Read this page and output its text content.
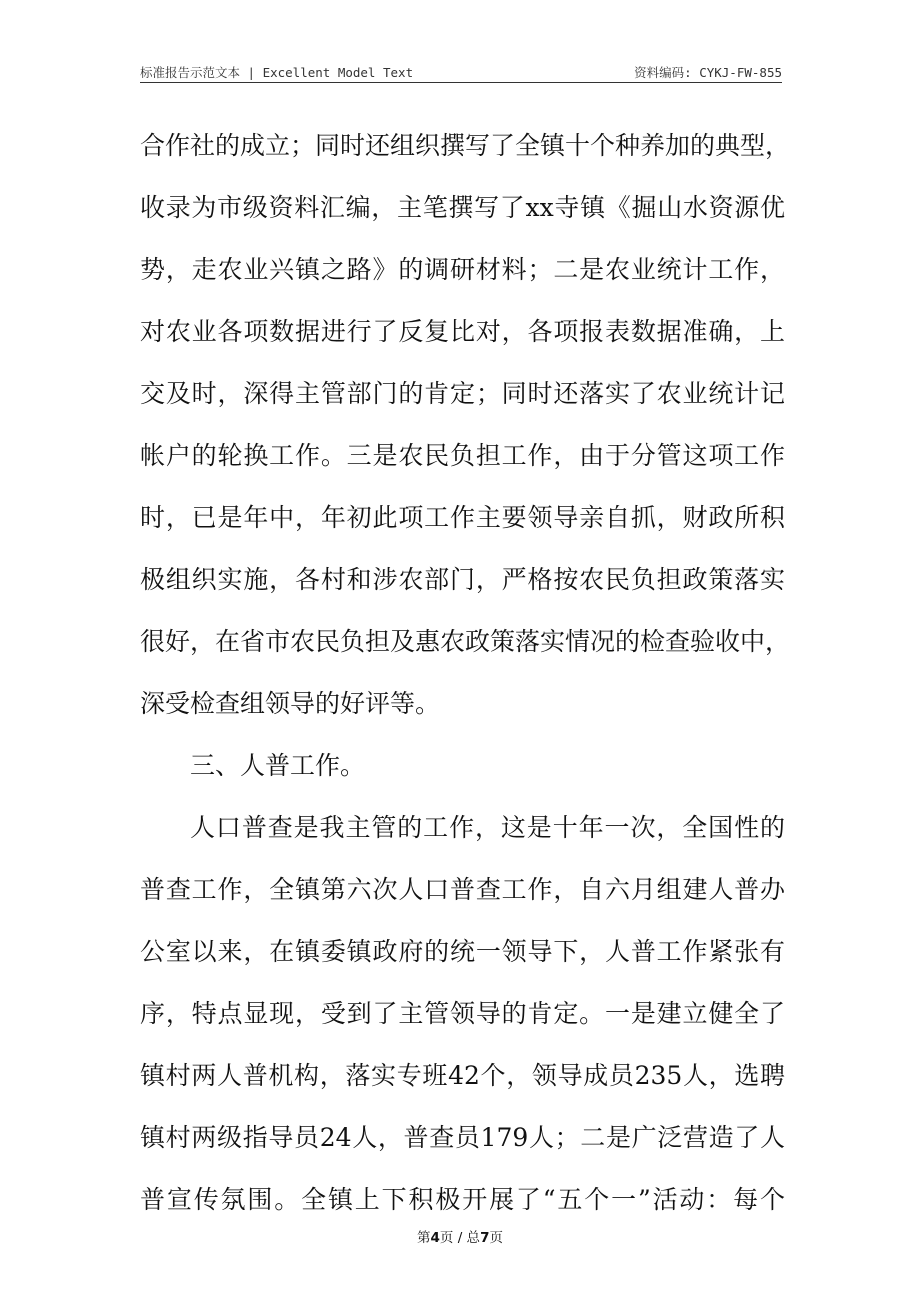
标准报告示范文本 | Excellent Model Text	资料编码: CYKJ-FW-855
合作社的成立；同时还组织撰写了全镇十个种养加的典型，
收录为市级资料汇编，主笔撰写了xx寺镇《掘山水资源优
势，走农业兴镇之路》的调研材料；二是农业统计工作，
对农业各项数据进行了反复比对，各项报表数据准确，上
交及时，深得主管部门的肯定；同时还落实了农业统计记
帐户的轮换工作。三是农民负担工作，由于分管这项工作
时，已是年中，年初此项工作主要领导亲自抓，财政所积
极组织实施，各村和涉农部门，严格按农民负担政策落实
很好，在省市农民负担及惠农政策落实情况的检查验收中，
深受检查组领导的好评等。
三、人普工作。
人口普查是我主管的工作，这是十年一次，全国性的
普查工作，全镇第六次人口普查工作，自六月组建人普办
公室以来，在镇委镇政府的统一领导下，人普工作紧张有
序，特点显现，受到了主管领导的肯定。一是建立健全了
镇村两人普机构，落实专班42个，领导成员235人，选聘
镇村两级指导员24人，普查员179人；二是广泛营造了人
普宣传氛围。全镇上下积极开展了“五个一”活动：每个
第4页 / 总7页
